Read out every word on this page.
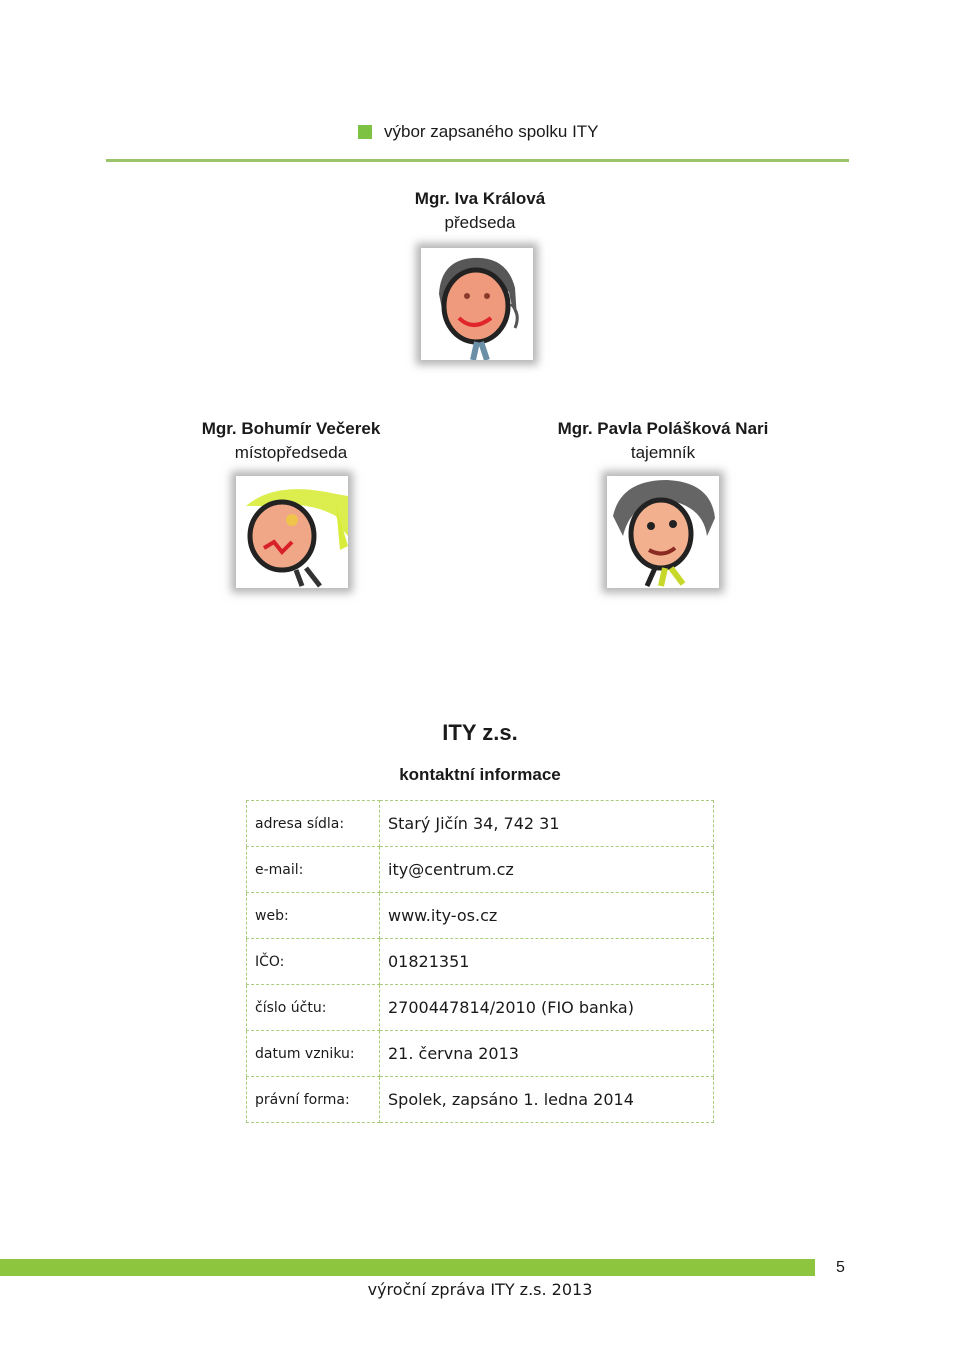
výbor zapsaného spolku ITY
Mgr. Iva Králová
předseda
Mgr. Bohumír Večerek
místopředseda
Mgr. Pavla Polášková Nari
tajemník
ITY z.s.
kontaktní informace
adresa sídla:	Starý Jičín 34, 742 31
e-mail:	ity@centrum.cz
web:	www.ity-os.cz
IČO:	01821351
číslo účtu:	2700447814/2010 (FIO banka)
datum vzniku:	21. června 2013
právní forma:	Spolek, zapsáno 1. ledna 2014
5
výroční zpráva ITY z.s. 2013
